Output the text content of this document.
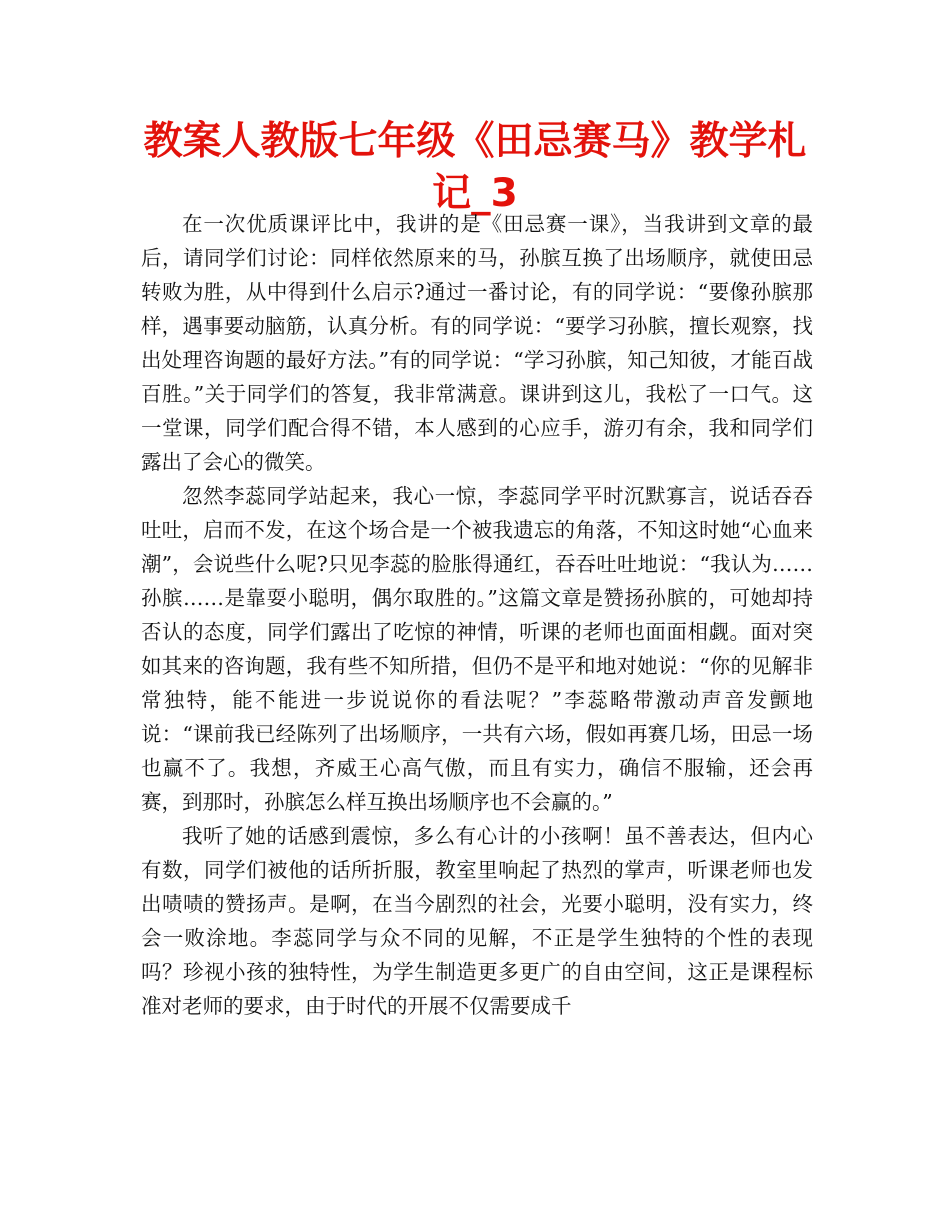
教案人教版七年级《田忌赛马》教学札记_3

在一次优质课评比中，我讲的是《田忌赛一课》，当我讲到文章的最后，请同学们讨论：同样依然原来的马，孙膑互换了出场顺序，就使田忌转败为胜，从中得到什么启示?通过一番讨论，有的同学说：“要像孙膑那样，遇事要动脑筋，认真分析。有的同学说：“要学习孙膑，擅长观察，找出处理咨询题的最好方法。”有的同学说：“学习孙膑，知己知彼，才能百战百胜。”关于同学们的答复，我非常满意。课讲到这儿，我松了一口气。这一堂课，同学们配合得不错，本人感到的心应手，游刃有余，我和同学们露出了会心的微笑。

忽然李蕊同学站起来，我心一惊，李蕊同学平时沉默寡言，说话吞吞吐吐，启而不发，在这个场合是一个被我遗忘的角落，不知这时她“心血来潮”，会说些什么呢?只见李蕊的脸胀得通红，吞吞吐吐地说：“我认为……孙膑……是靠耍小聪明，偶尔取胜的。”这篇文章是赞扬孙膑的，可她却持否认的态度，同学们露出了吃惊的神情，听课的老师也面面相觑。面对突如其来的咨询题，我有些不知所措，但仍不是平和地对她说：“你的见解非常独特，能不能进一步说说你的看法呢？”李蕊略带激动声音发颤地说：“课前我已经陈列了出场顺序，一共有六场，假如再赛几场，田忌一场也赢不了。我想，齐威王心高气傲，而且有实力，确信不服输，还会再赛，到那时，孙膑怎么样互换出场顺序也不会赢的。”

我听了她的话感到震惊，多么有心计的小孩啊！虽不善表达，但内心有数，同学们被他的话所折服，教室里响起了热烈的掌声，听课老师也发出啧啧的赞扬声。是啊，在当今剧烈的社会，光要小聪明，没有实力，终会一败涂地。李蕊同学与众不同的见解，不正是学生独特的个性的表现吗？珍视小孩的独特性，为学生制造更多更广的自由空间，这正是课程标准对老师的要求，由于时代的开展不仅需要成千
